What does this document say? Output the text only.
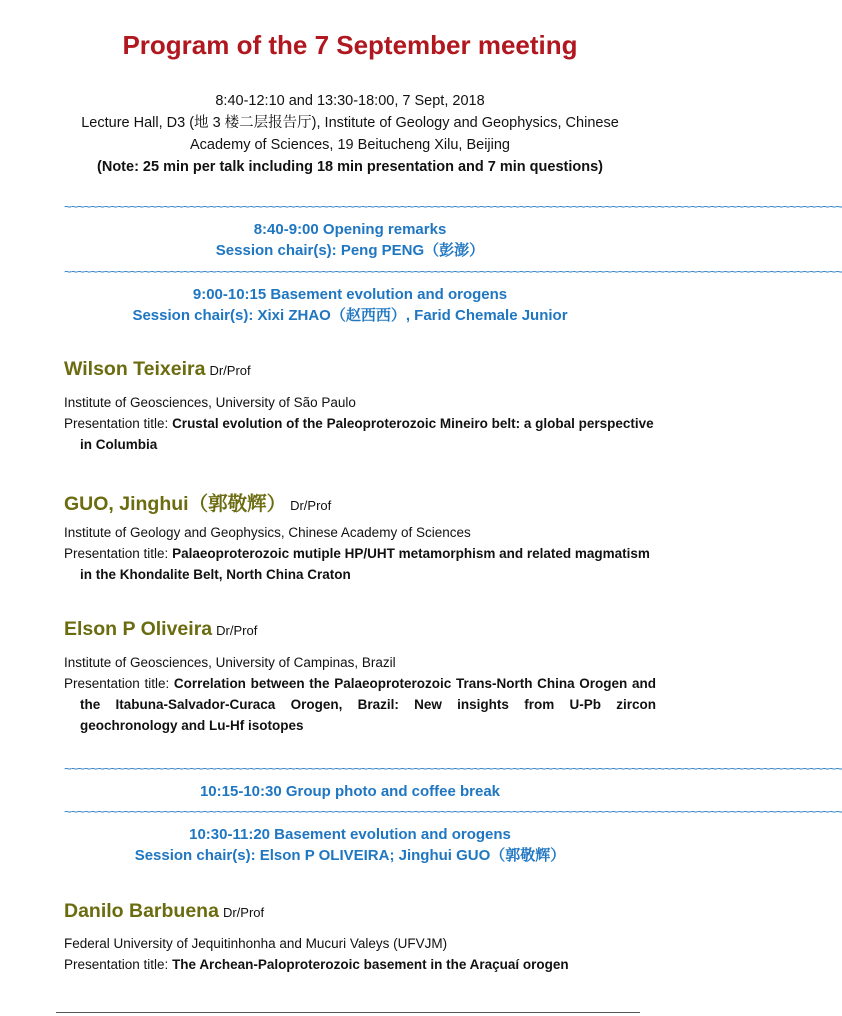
Program of the 7 September meeting
8:40-12:10 and 13:30-18:00, 7 Sept, 2018
Lecture Hall, D3 (地 3 楼二层报告厅), Institute of Geology and Geophysics, Chinese
Academy of Sciences, 19 Beitucheng Xilu, Beijing
(Note: 25 min per talk including 18 min presentation and 7 min questions)
~~~~~~~~~~~~~~~~~~~~~~~~~~~~~~~~~~~~~~~~~~~~~~~~~~~~~~~~~~~~~~~~~~~~~~~~~~~~~~~~~~~~~~~~~~~~~~~~~~~~~~~~~~~~~~~~~~~~~~
8:40-9:00 Opening remarks
Session chair(s): Peng PENG（彭澎）
~~~~~~~~~~~~~~~~~~~~~~~~~~~~~~~~~~~~~~~~~~~~~~~~~~~~~~~~~~~~~~~~~~~~~~~~~~~~~~~~~~~~~~~~~~~~~~~~~~~~~~~~~~~~~~~~~~~~~~
9:00-10:15 Basement evolution and orogens
Session chair(s): Xixi ZHAO（赵西西）, Farid Chemale Junior
Wilson Teixeira Dr/Prof
Institute of Geosciences, University of São Paulo
Presentation title: Crustal evolution of the Paleoproterozoic Mineiro belt: a global perspective in Columbia
GUO, Jinghui（郭敬辉） Dr/Prof
Institute of Geology and Geophysics, Chinese Academy of Sciences
Presentation title: Palaeoproterozoic mutiple HP/UHT metamorphism and related magmatism in the Khondalite Belt, North China Craton
Elson P Oliveira Dr/Prof
Institute of Geosciences, University of Campinas, Brazil
Presentation title: Correlation between the Palaeoproterozoic Trans-North China Orogen and the Itabuna-Salvador-Curaca Orogen, Brazil: New insights from U-Pb zircon geochronology and Lu-Hf isotopes
~~~~~~~~~~~~~~~~~~~~~~~~~~~~~~~~~~~~~~~~~~~~~~~~~~~~~~~~~~~~~~~~~~~~~~~~~~~~~~~~~~~~~~~~~~~~~~~~~~~~~~~~~~~~~~~~~~~~~~
10:15-10:30 Group photo and coffee break
~~~~~~~~~~~~~~~~~~~~~~~~~~~~~~~~~~~~~~~~~~~~~~~~~~~~~~~~~~~~~~~~~~~~~~~~~~~~~~~~~~~~~~~~~~~~~~~~~~~~~~~~~~~~~~~~~~~~~~
10:30-11:20 Basement evolution and orogens
Session chair(s): Elson P OLIVEIRA; Jinghui GUO（郭敬辉）
Danilo Barbuena Dr/Prof
Federal University of Jequitinhonha and Mucuri Valeys (UFVJM)
Presentation title: The Archean-Paloproterozoic basement in the Araçuaí orogen
